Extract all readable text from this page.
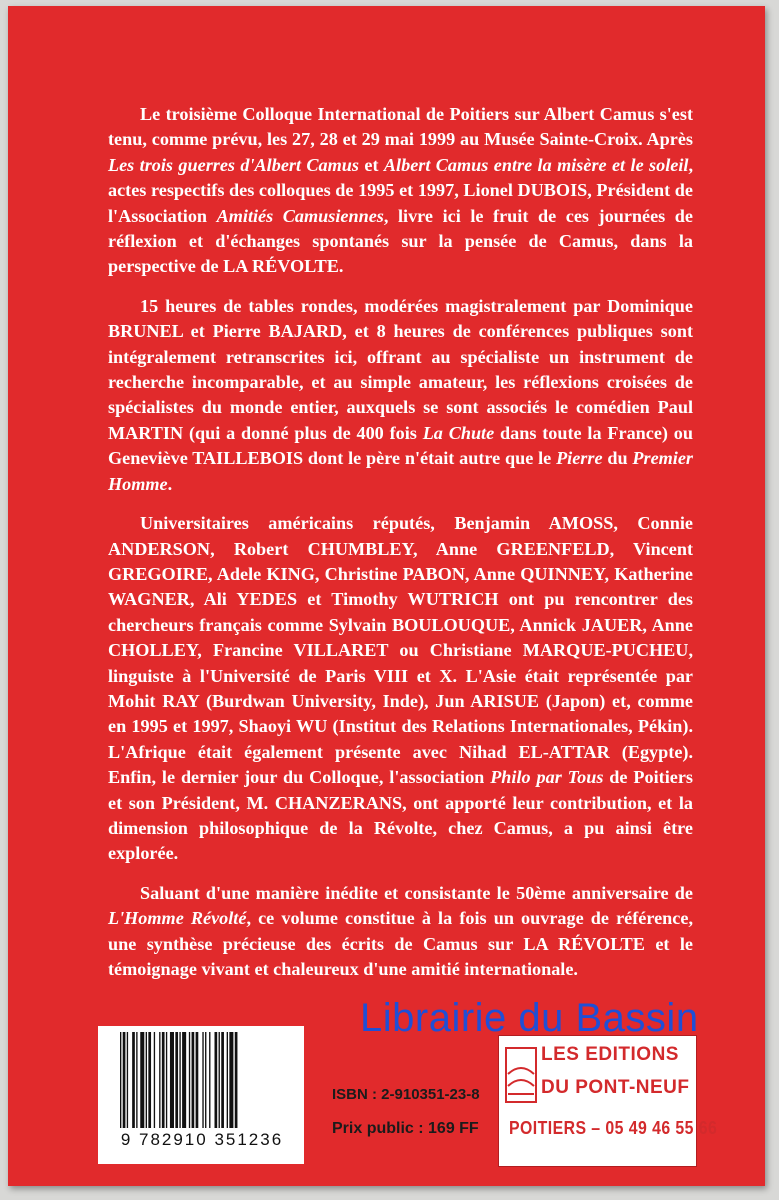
Le troisième Colloque International de Poitiers sur Albert Camus s'est tenu, comme prévu, les 27, 28 et 29 mai 1999 au Musée Sainte-Croix. Après Les trois guerres d'Albert Camus et Albert Camus entre la misère et le soleil, actes respectifs des colloques de 1995 et 1997, Lionel DUBOIS, Président de l'Association Amitiés Camusiennes, livre ici le fruit de ces journées de réflexion et d'échanges spontanés sur la pensée de Camus, dans la perspective de LA RÉVOLTE.

15 heures de tables rondes, modérées magistralement par Dominique BRUNEL et Pierre BAJARD, et 8 heures de conférences publiques sont intégralement retranscrites ici, offrant au spécialiste un instrument de recherche incomparable, et au simple amateur, les réflexions croisées de spécialistes du monde entier, auxquels se sont associés le comédien Paul MARTIN (qui a donné plus de 400 fois La Chute dans toute la France) ou Geneviève TAILLEBOIS dont le père n'était autre que le Pierre du Premier Homme.

Universitaires américains réputés, Benjamin AMOSS, Connie ANDERSON, Robert CHUMBLEY, Anne GREENFELD, Vincent GREGOIRE, Adele KING, Christine PABON, Anne QUINNEY, Katherine WAGNER, Ali YEDES et Timothy WUTRICH ont pu rencontrer des chercheurs français comme Sylvain BOULOUQUE, Annick JAUER, Anne CHOLLEY, Francine VILLARET ou Christiane MARQUE-PUCHEU, linguiste à l'Université de Paris VIII et X. L'Asie était représentée par Mohit RAY (Burdwan University, Inde), Jun ARISUE (Japon) et, comme en 1995 et 1997, Shaoyi WU (Institut des Relations Internationales, Pékin). L'Afrique était également présente avec Nihad EL-ATTAR (Egypte). Enfin, le dernier jour du Colloque, l'association Philo par Tous de Poitiers et son Président, M. CHANZERANS, ont apporté leur contribution, et la dimension philosophique de la Révolte, chez Camus, a pu ainsi être explorée.

Saluant d'une manière inédite et consistante le 50ème anniversaire de L'Homme Révolté, ce volume constitue à la fois un ouvrage de référence, une synthèse précieuse des écrits de Camus sur LA RÉVOLTE et le témoignage vivant et chaleureux d'une amitié internationale.

9 782910 351236
ISBN : 2-910351-23-8
Prix public : 169 FF
LES EDITIONS
DU PONT-NEUF
POITIERS – 05 49 46 55 66
Librairie du Bassin
